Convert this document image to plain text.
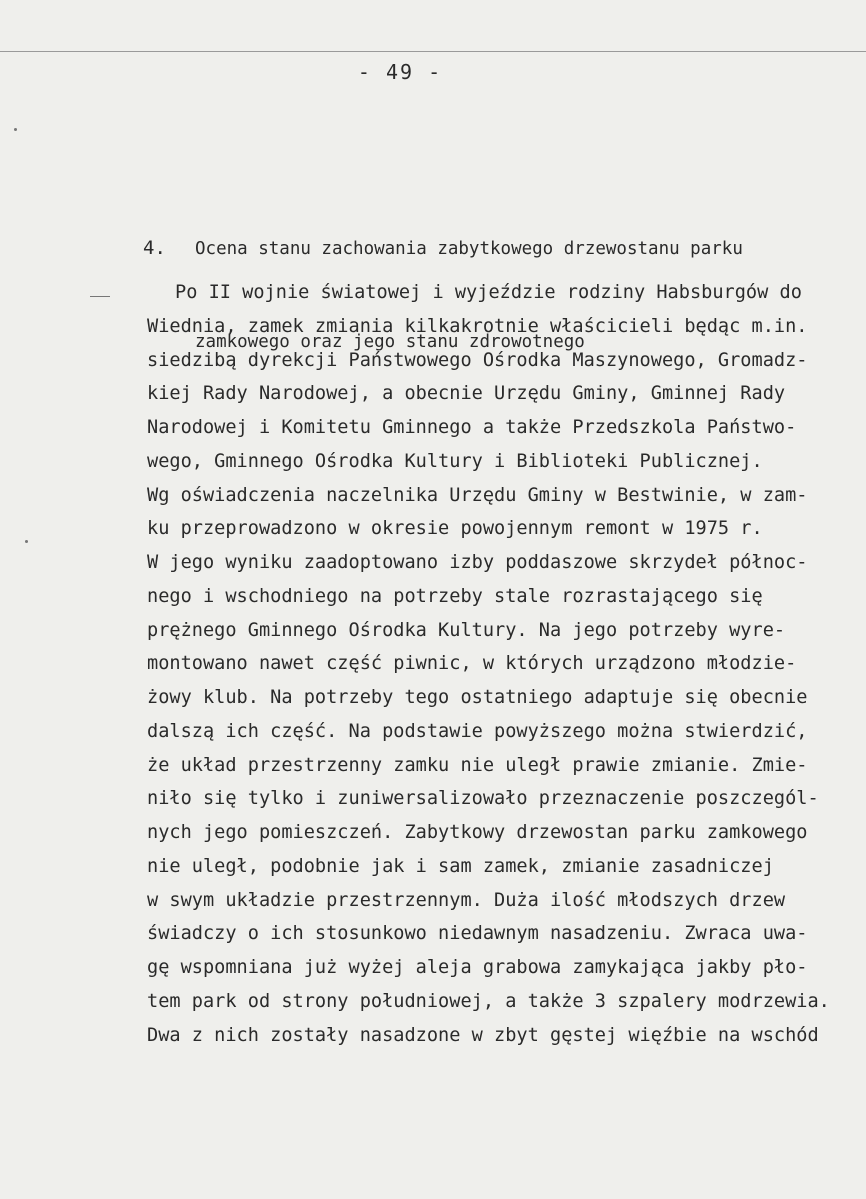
- 49 -

4. Ocena stanu zachowania zabytkowego drzewostanu parku

zamkowego oraz jego stanu zdrowotnego

Po II wojnie światowej i wyjeździe rodziny Habsburgów do
Wiednia, zamek zmiania kilkakrotnie właścicieli będąc m.in.
siedzibą dyrekcji Państwowego Ośrodka Maszynowego, Gromadz-
kiej Rady Narodowej, a obecnie Urzędu Gminy, Gminnej Rady
Narodowej i Komitetu Gminnego a także Przedszkola Państwo-
wego, Gminnego Ośrodka Kultury i Biblioteki Publicznej.
Wg oświadczenia naczelnika Urzędu Gminy w Bestwinie, w zam-
ku przeprowadzono w okresie powojennym remont w 1975 r.
W jego wyniku zaadoptowano izby poddaszowe skrzydeł północ-
nego i wschodniego na potrzeby stale rozrastającego się
prężnego Gminnego Ośrodka Kultury. Na jego potrzeby wyre-
montowano nawet część piwnic, w których urządzono młodzie-
żowy klub. Na potrzeby tego ostatniego adaptuje się obecnie
dalszą ich część. Na podstawie powyższego można stwierdzić,
że układ przestrzenny zamku nie uległ prawie zmianie. Zmie-
niło się tylko i zuniwersalizowało przeznaczenie poszczegól-
nych jego pomieszczeń. Zabytkowy drzewostan parku zamkowego
nie uległ, podobnie jak i sam zamek, zmianie zasadniczej
w swym układzie przestrzennym. Duża ilość młodszych drzew
świadczy o ich stosunkowo niedawnym nasadzeniu. Zwraca uwa-
gę wspomniana już wyżej aleja grabowa zamykająca jakby pło-
tem park od strony południowej, a także 3 szpalery modrzewia.
Dwa z nich zostały nasadzone w zbyt gęstej więźbie na wschód
